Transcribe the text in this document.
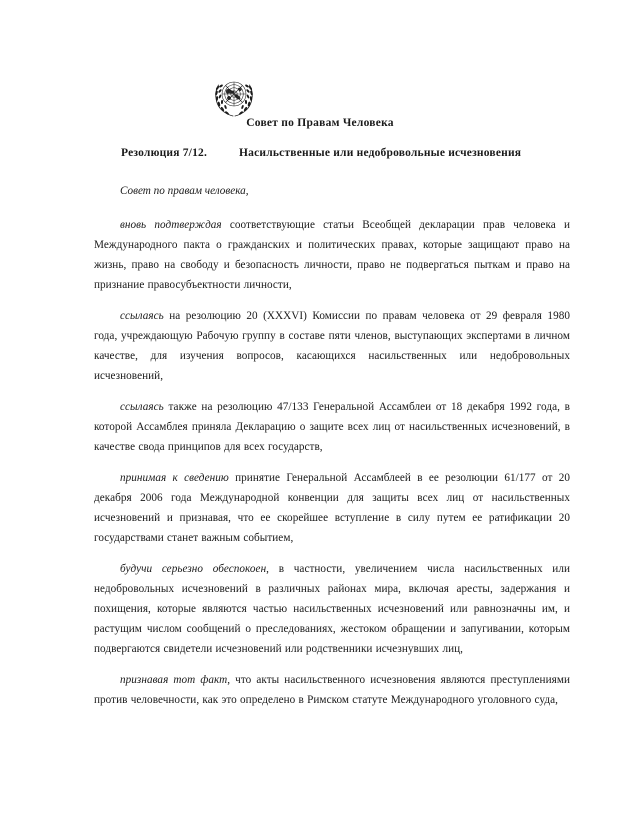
Совет по Правам Человека
Резолюция 7/12.	Насильственные или недобровольные исчезновения

Совет по правам человека,

вновь подтверждая соответствующие статьи Всеобщей декларации прав человека и Международного пакта о гражданских и политических правах, которые защищают право на жизнь, право на свободу и безопасность личности, право не подвергаться пыткам и право на признание правосубъектности личности,

ссылаясь на резолюцию 20 (XXXVI) Комиссии по правам человека от 29 февраля 1980 года, учреждающую Рабочую группу в составе пяти членов, выступающих экспертами в личном качестве, для изучения вопросов, касающихся насильственных или недобровольных исчезновений,

ссылаясь также на резолюцию 47/133 Генеральной Ассамблеи от 18 декабря 1992 года, в которой Ассамблея приняла Декларацию о защите всех лиц от насильственных исчезновений, в качестве свода принципов для всех государств,

принимая к сведению принятие Генеральной Ассамблеей в ее резолюции 61/177 от 20 декабря 2006 года Международной конвенции для защиты всех лиц от насильственных исчезновений и признавая, что ее скорейшее вступление в силу путем ее ратификации 20 государствами станет важным событием,

будучи серьезно обеспокоен, в частности, увеличением числа насильственных или недобровольных исчезновений в различных районах мира, включая аресты, задержания и похищения, которые являются частью насильственных исчезновений или равнозначны им, и растущим числом сообщений о преследованиях, жестоком обращении и запугивании, которым подвергаются свидетели исчезновений или родственники исчезнувших лиц,

признавая тот факт, что акты насильственного исчезновения являются преступлениями против человечности, как это определено в Римском статуте Международного уголовного суда,
